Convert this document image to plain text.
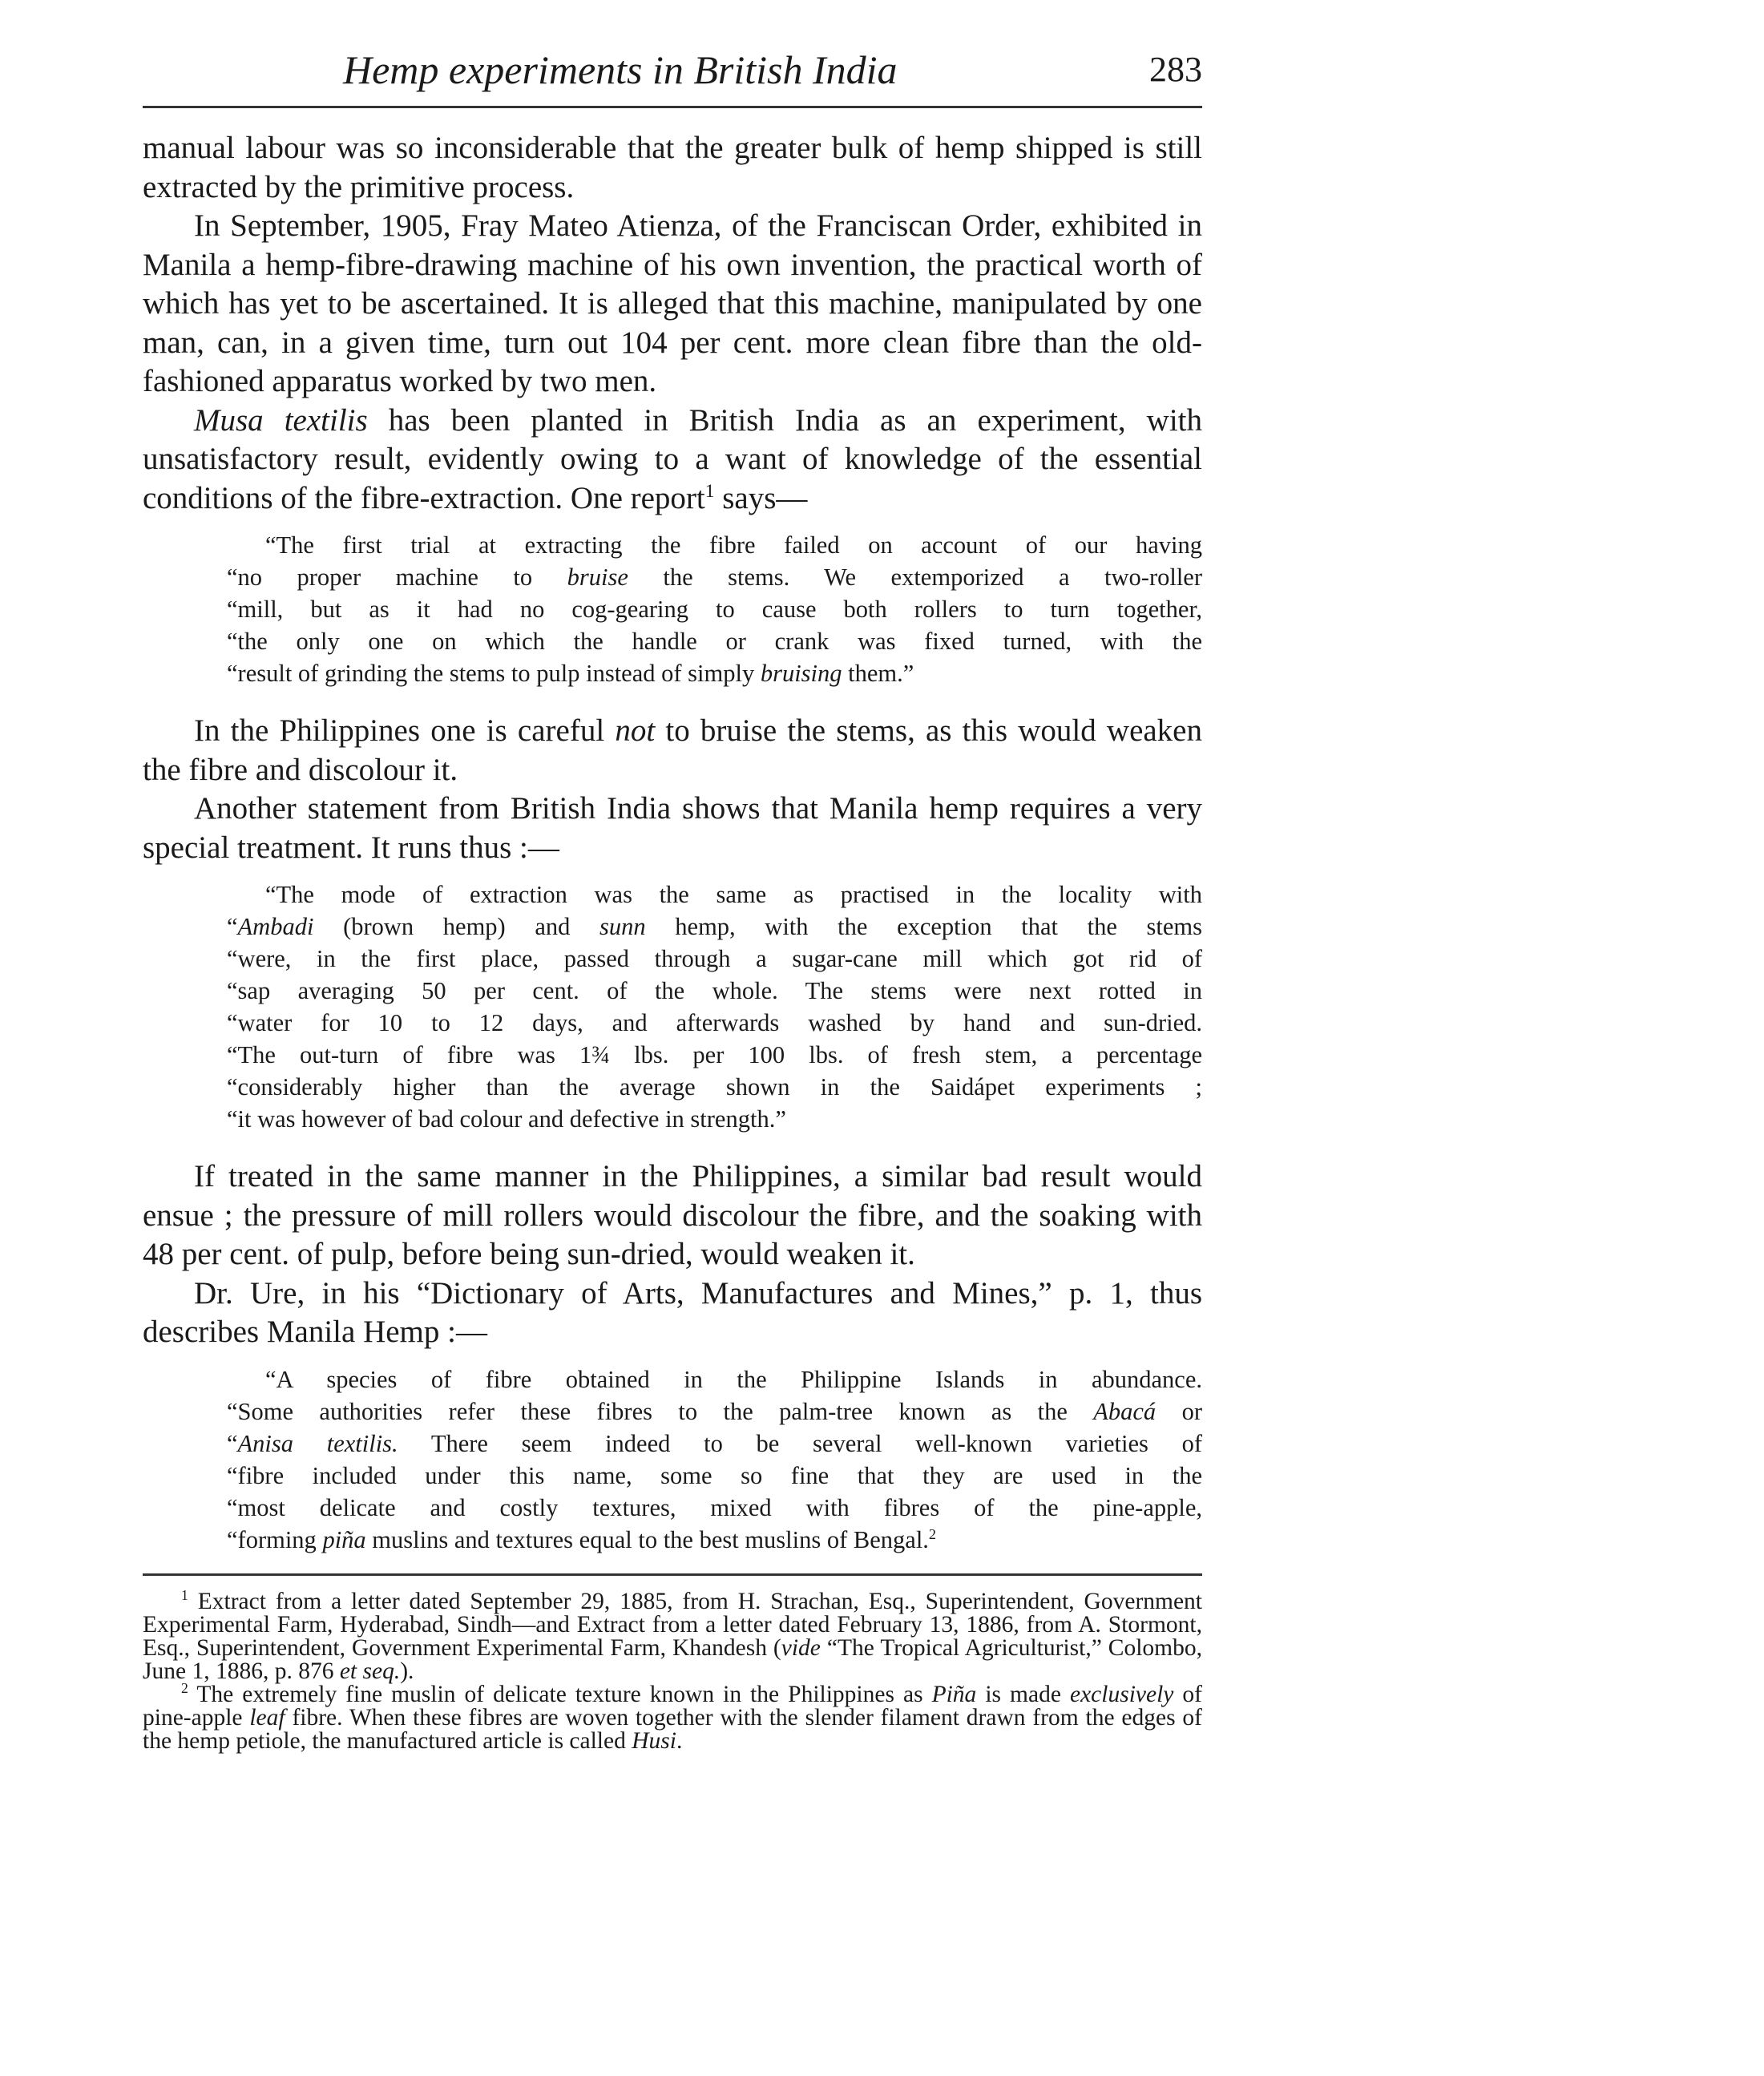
Hemp experiments in British India	283

manual labour was so inconsiderable that the greater bulk of hemp shipped is still extracted by the primitive process.

In September, 1905, Fray Mateo Atienza, of the Franciscan Order, exhibited in Manila a hemp-fibre-drawing machine of his own invention, the practical worth of which has yet to be ascertained. It is alleged that this machine, manipulated by one man, can, in a given time, turn out 104 per cent. more clean fibre than the old-fashioned apparatus worked by two men.

Musa textilis has been planted in British India as an experiment, with unsatisfactory result, evidently owing to a want of knowledge of the essential conditions of the fibre-extraction. One report$^1$ says—

“The first trial at extracting the fibre failed on account of our having
“no proper machine to bruise the stems. We extemporized a two-roller
“mill, but as it had no cog-gearing to cause both rollers to turn together,
“the only one on which the handle or crank was fixed turned, with the
“result of grinding the stems to pulp instead of simply bruising them.”

In the Philippines one is careful not to bruise the stems, as this would weaken the fibre and discolour it.

Another statement from British India shows that Manila hemp requires a very special treatment. It runs thus :—

“The mode of extraction was the same as practised in the locality with
“Ambadi (brown hemp) and sunn hemp, with the exception that the stems
“were, in the first place, passed through a sugar-cane mill which got rid of
“sap averaging 50 per cent. of the whole. The stems were next rotted in
“water for 10 to 12 days, and afterwards washed by hand and sun-dried.
“The out-turn of fibre was 1¾ lbs. per 100 lbs. of fresh stem, a percentage
“considerably higher than the average shown in the Saidápet experiments ;
“it was however of bad colour and defective in strength.”

If treated in the same manner in the Philippines, a similar bad result would ensue ; the pressure of mill rollers would discolour the fibre, and the soaking with 48 per cent. of pulp, before being sun-dried, would weaken it.

Dr. Ure, in his “Dictionary of Arts, Manufactures and Mines,” p. 1, thus describes Manila Hemp :—

“A species of fibre obtained in the Philippine Islands in abundance.
“Some authorities refer these fibres to the palm-tree known as the Abacá or
“Anisa textilis. There seem indeed to be several well-known varieties of
“fibre included under this name, some so fine that they are used in the
“most delicate and costly textures, mixed with fibres of the pine-apple,
“forming piña muslins and textures equal to the best muslins of Bengal.$^2$

$^1$ Extract from a letter dated September 29, 1885, from H. Strachan, Esq., Superintendent, Government Experimental Farm, Hyderabad, Sindh—and Extract from a letter dated February 13, 1886, from A. Stormont, Esq., Superintendent, Government Experimental Farm, Khandesh (vide “The Tropical Agriculturist,” Colombo, June 1, 1886, p. 876 et seq.).

$^2$ The extremely fine muslin of delicate texture known in the Philippines as Piña is made exclusively of pine-apple leaf fibre. When these fibres are woven together with the slender filament drawn from the edges of the hemp petiole, the manufactured article is called Husi.
